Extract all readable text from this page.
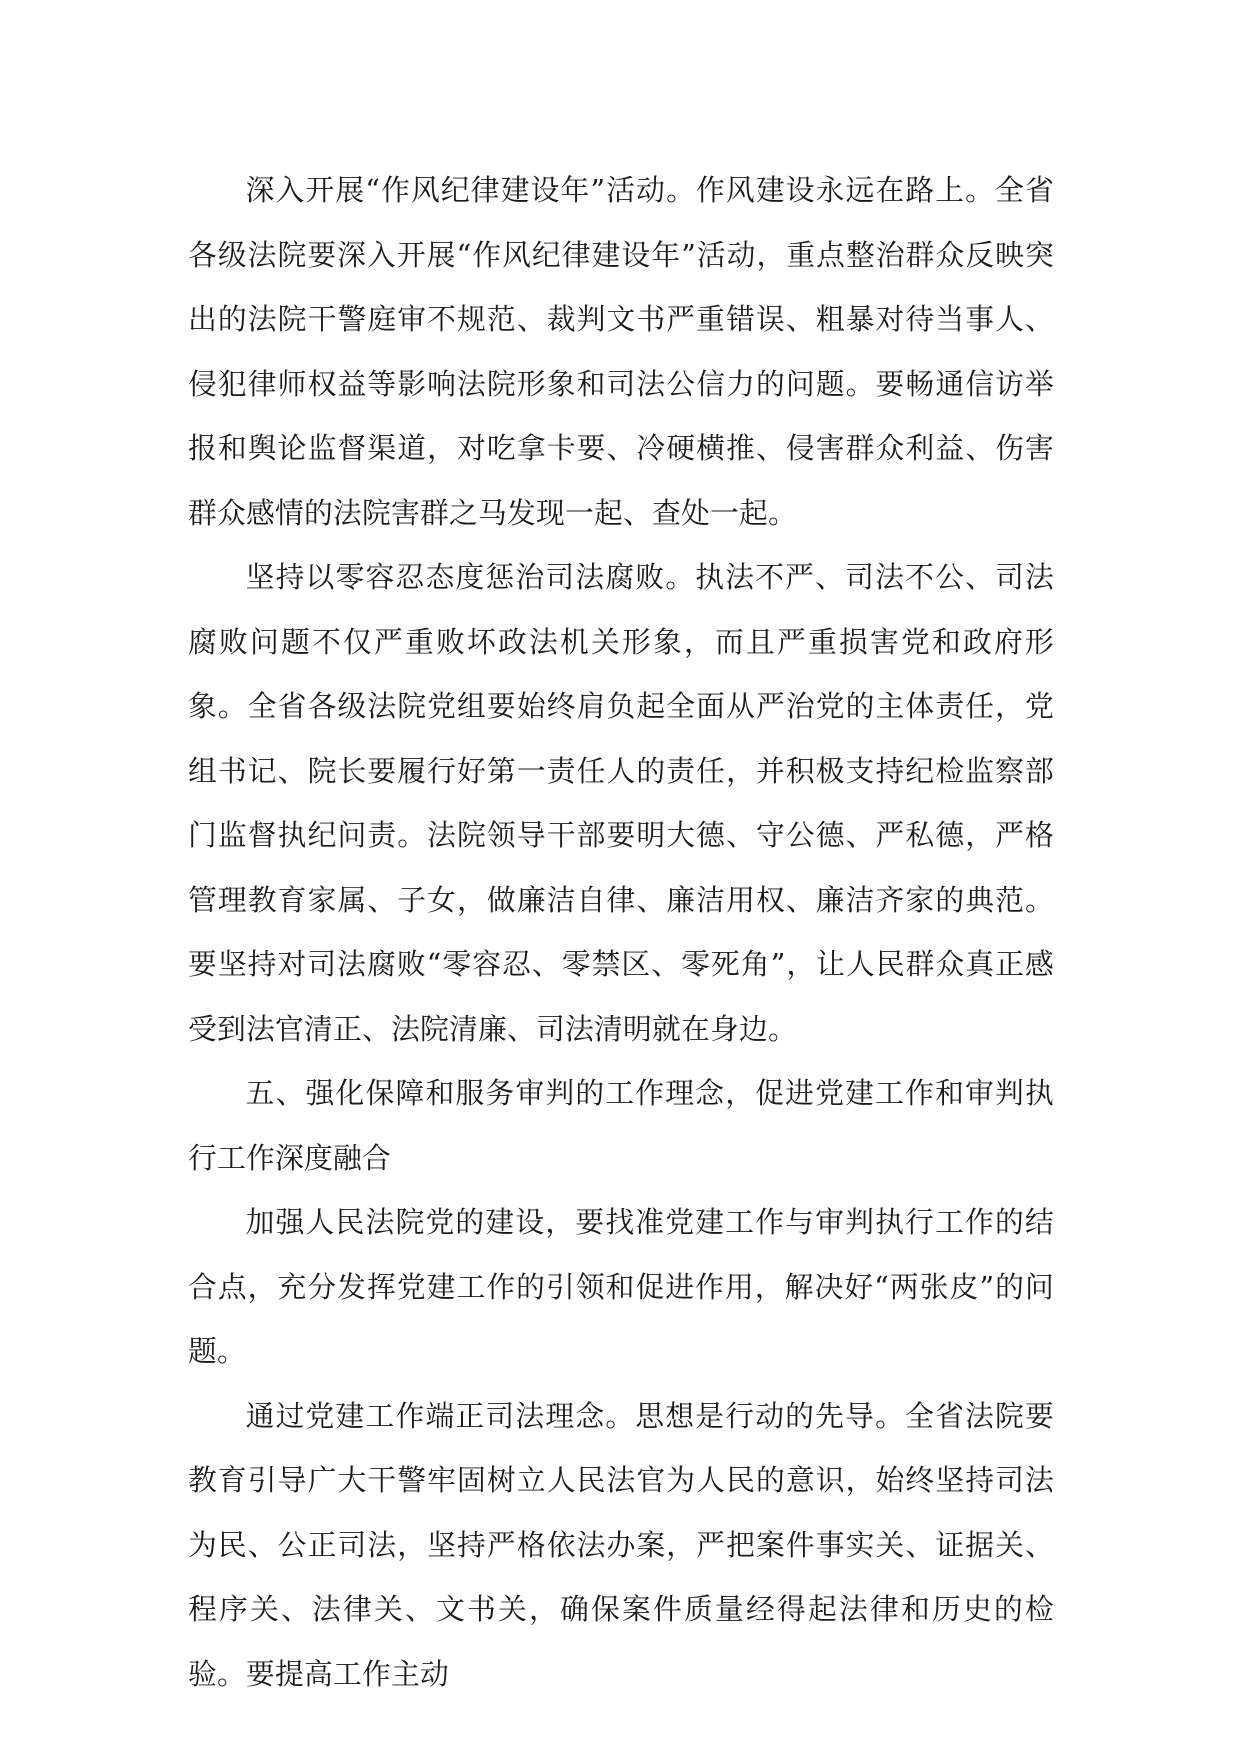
深入开展“作风纪律建设年”活动。作风建设永远在路上。全省各级法院要深入开展“作风纪律建设年”活动，重点整治群众反映突出的法院干警庭审不规范、裁判文书严重错误、粗暴对待当事人、侵犯律师权益等影响法院形象和司法公信力的问题。要畅通信访举报和舆论监督渠道，对吃拿卡要、冷硬横推、侵害群众利益、伤害群众感情的法院害群之马发现一起、查处一起。

坚持以零容忍态度惩治司法腐败。执法不严、司法不公、司法腐败问题不仅严重败坏政法机关形象，而且严重损害党和政府形象。全省各级法院党组要始终肩负起全面从严治党的主体责任，党组书记、院长要履行好第一责任人的责任，并积极支持纪检监察部门监督执纪问责。法院领导干部要明大德、守公德、严私德，严格管理教育家属、子女，做廉洁自律、廉洁用权、廉洁齐家的典范。要坚持对司法腐败“零容忍、零禁区、零死角”，让人民群众真正感受到法官清正、法院清廉、司法清明就在身边。

五、强化保障和服务审判的工作理念，促进党建工作和审判执行工作深度融合

加强人民法院党的建设，要找准党建工作与审判执行工作的结合点，充分发挥党建工作的引领和促进作用，解决好“两张皮”的问题。

通过党建工作端正司法理念。思想是行动的先导。全省法院要教育引导广大干警牢固树立人民法官为人民的意识，始终坚持司法为民、公正司法，坚持严格依法办案，严把案件事实关、证据关、程序关、法律关、文书关，确保案件质量经得起法律和历史的检验。要提高工作主动
